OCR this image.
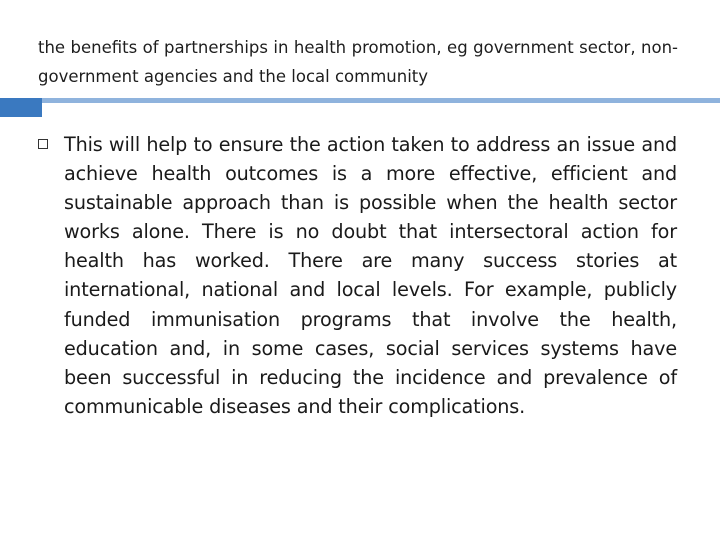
the benefits of partnerships in health promotion, eg government sector, non-government agencies and the local community
This will help to ensure the action taken to address an issue and achieve health outcomes is a more effective, efficient and sustainable approach than is possible when the health sector works alone. There is no doubt that intersectoral action for health has worked. There are many success stories at international, national and local levels. For example, publicly funded immunisation programs that involve the health, education and, in some cases, social services systems have been successful in reducing the incidence and prevalence of communicable diseases and their complications.
